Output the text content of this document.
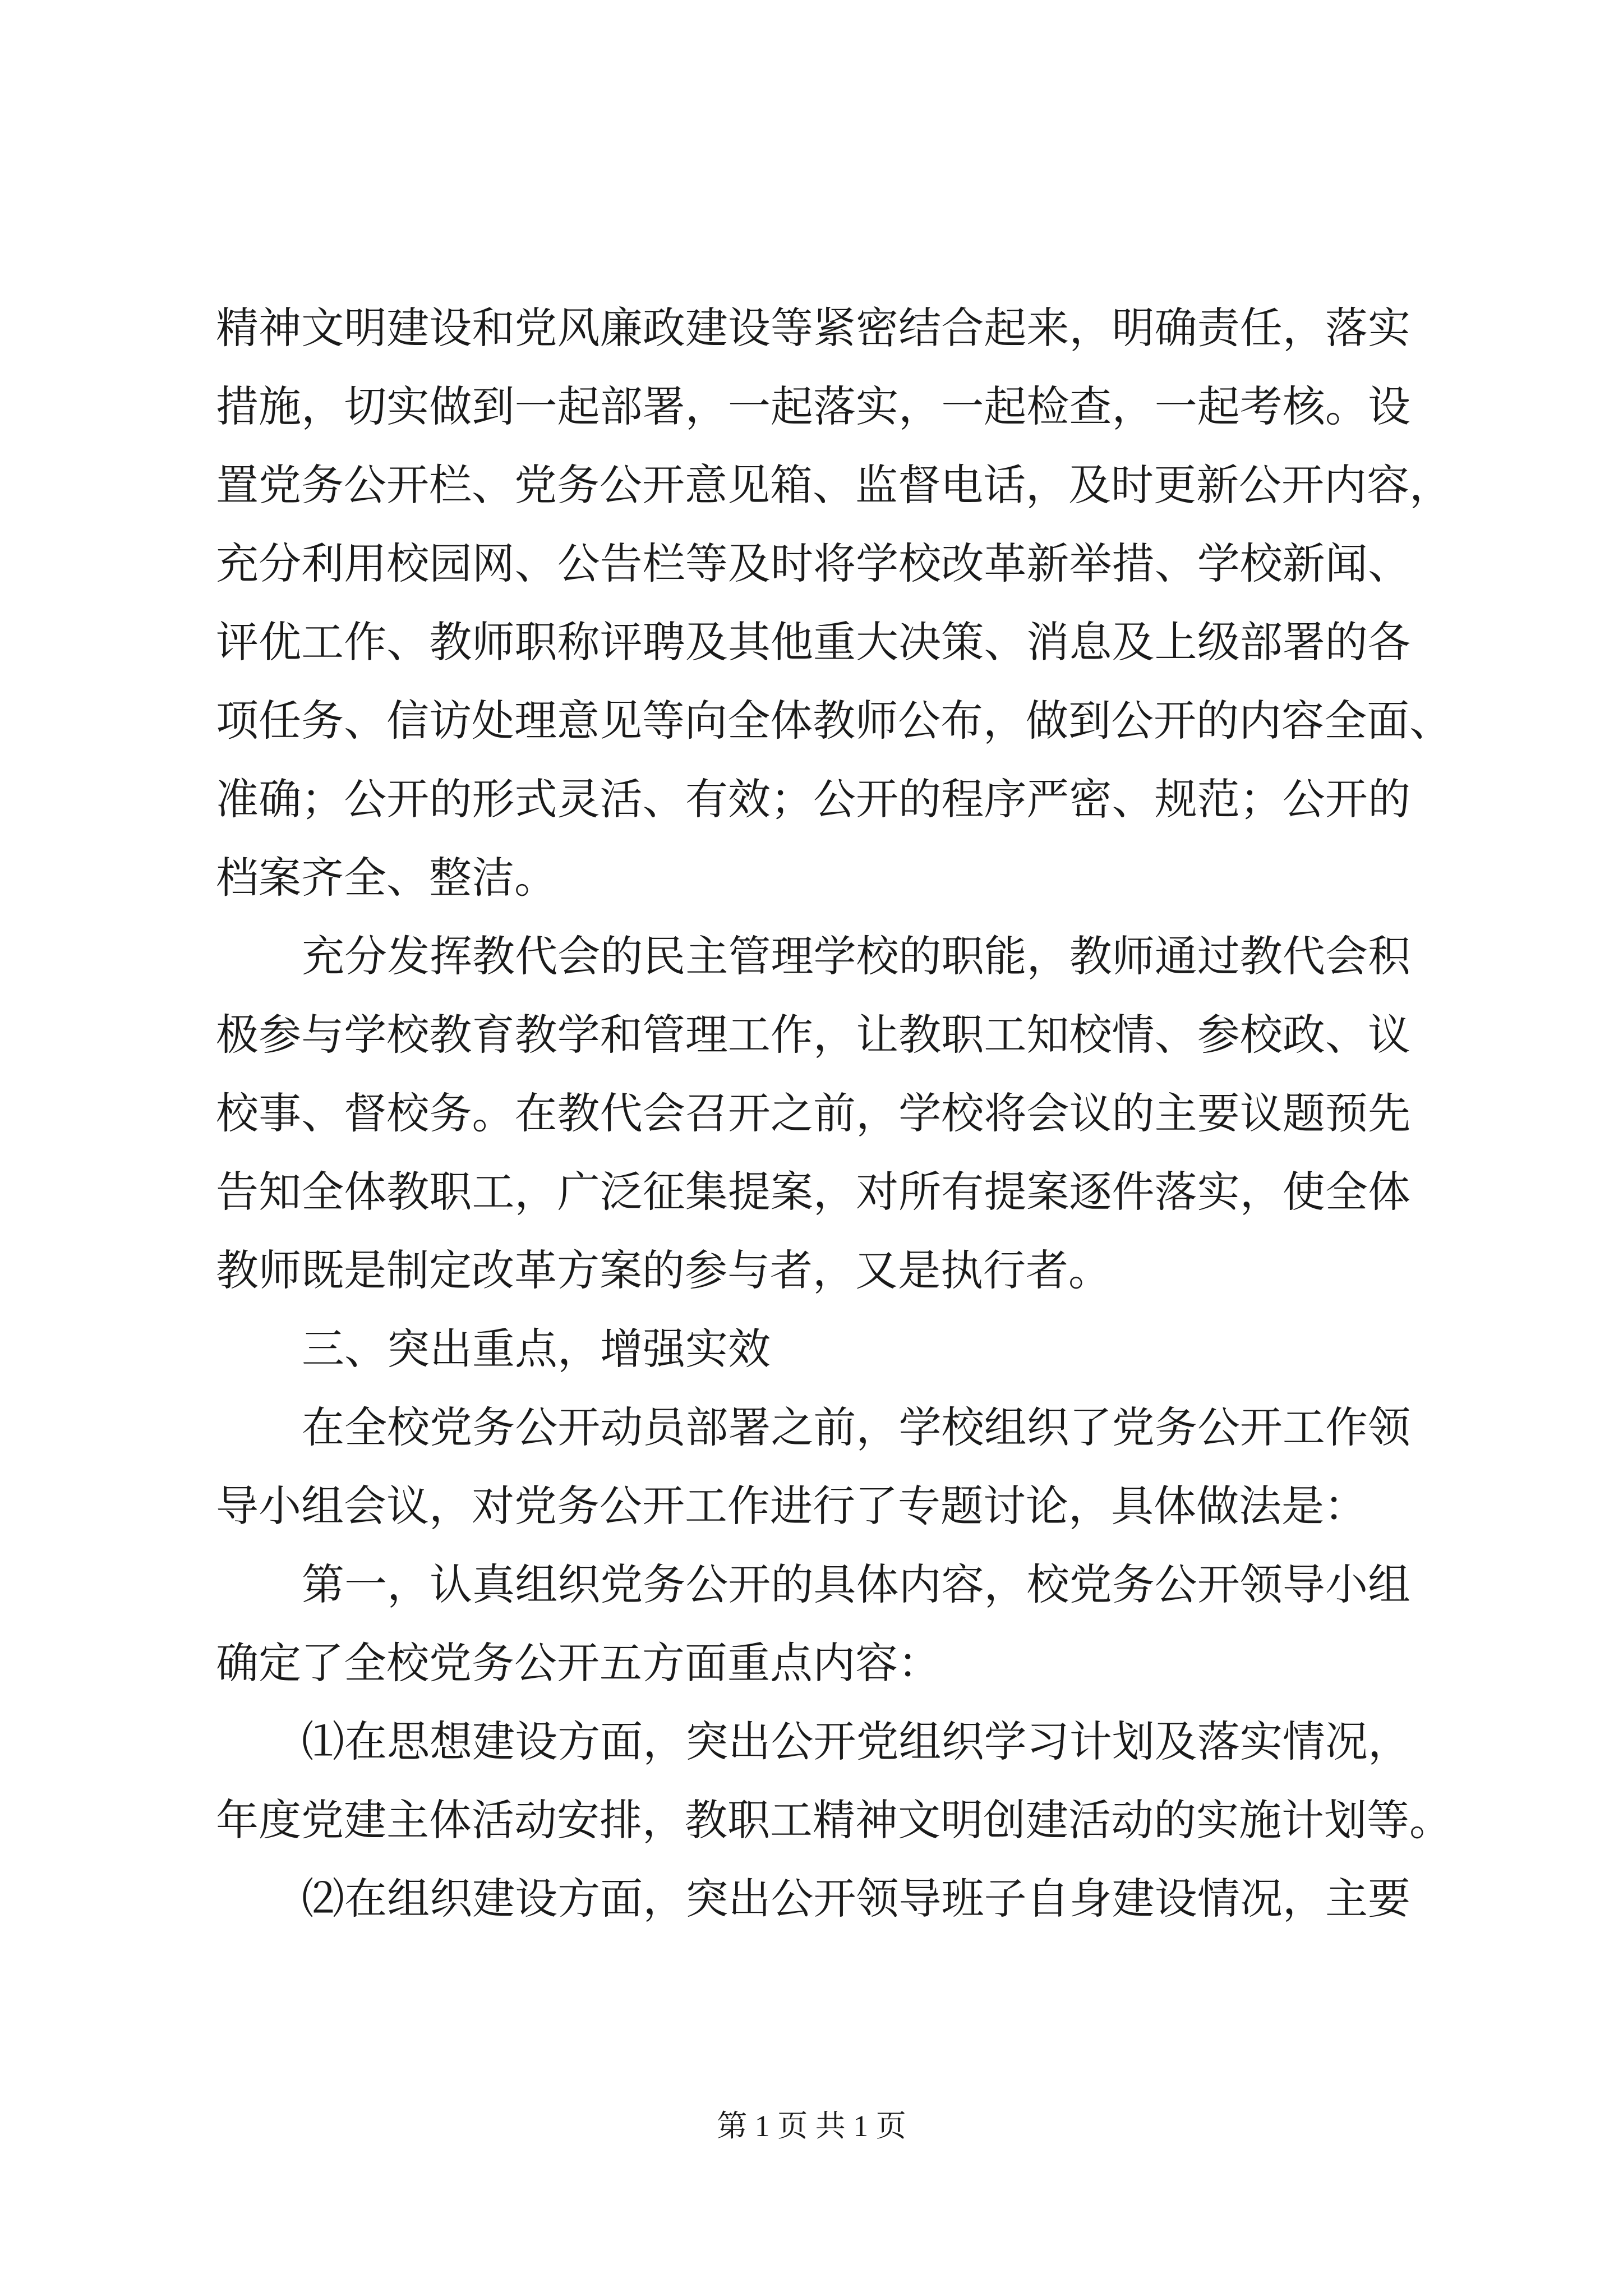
精神文明建设和党风廉政建设等紧密结合起来，明确责任，落实
措施，切实做到一起部署，一起落实，一起检查，一起考核。设
置党务公开栏、党务公开意见箱、监督电话，及时更新公开内容，
充分利用校园网、公告栏等及时将学校改革新举措、学校新闻、
评优工作、教师职称评聘及其他重大决策、消息及上级部署的各
项任务、信访处理意见等向全体教师公布，做到公开的内容全面、
准确；公开的形式灵活、有效；公开的程序严密、规范；公开的
档案齐全、整洁。
充分发挥教代会的民主管理学校的职能，教师通过教代会积
极参与学校教育教学和管理工作，让教职工知校情、参校政、议
校事、督校务。在教代会召开之前，学校将会议的主要议题预先
告知全体教职工，广泛征集提案，对所有提案逐件落实，使全体
教师既是制定改革方案的参与者，又是执行者。
三、突出重点，增强实效
在全校党务公开动员部署之前，学校组织了党务公开工作领
导小组会议，对党务公开工作进行了专题讨论，具体做法是：
第一，认真组织党务公开的具体内容，校党务公开领导小组
确定了全校党务公开五方面重点内容：
⑴在思想建设方面，突出公开党组织学习计划及落实情况，
年度党建主体活动安排，教职工精神文明创建活动的实施计划等。
⑵在组织建设方面，突出公开领导班子自身建设情况，主要
第 1 页 共 1 页
